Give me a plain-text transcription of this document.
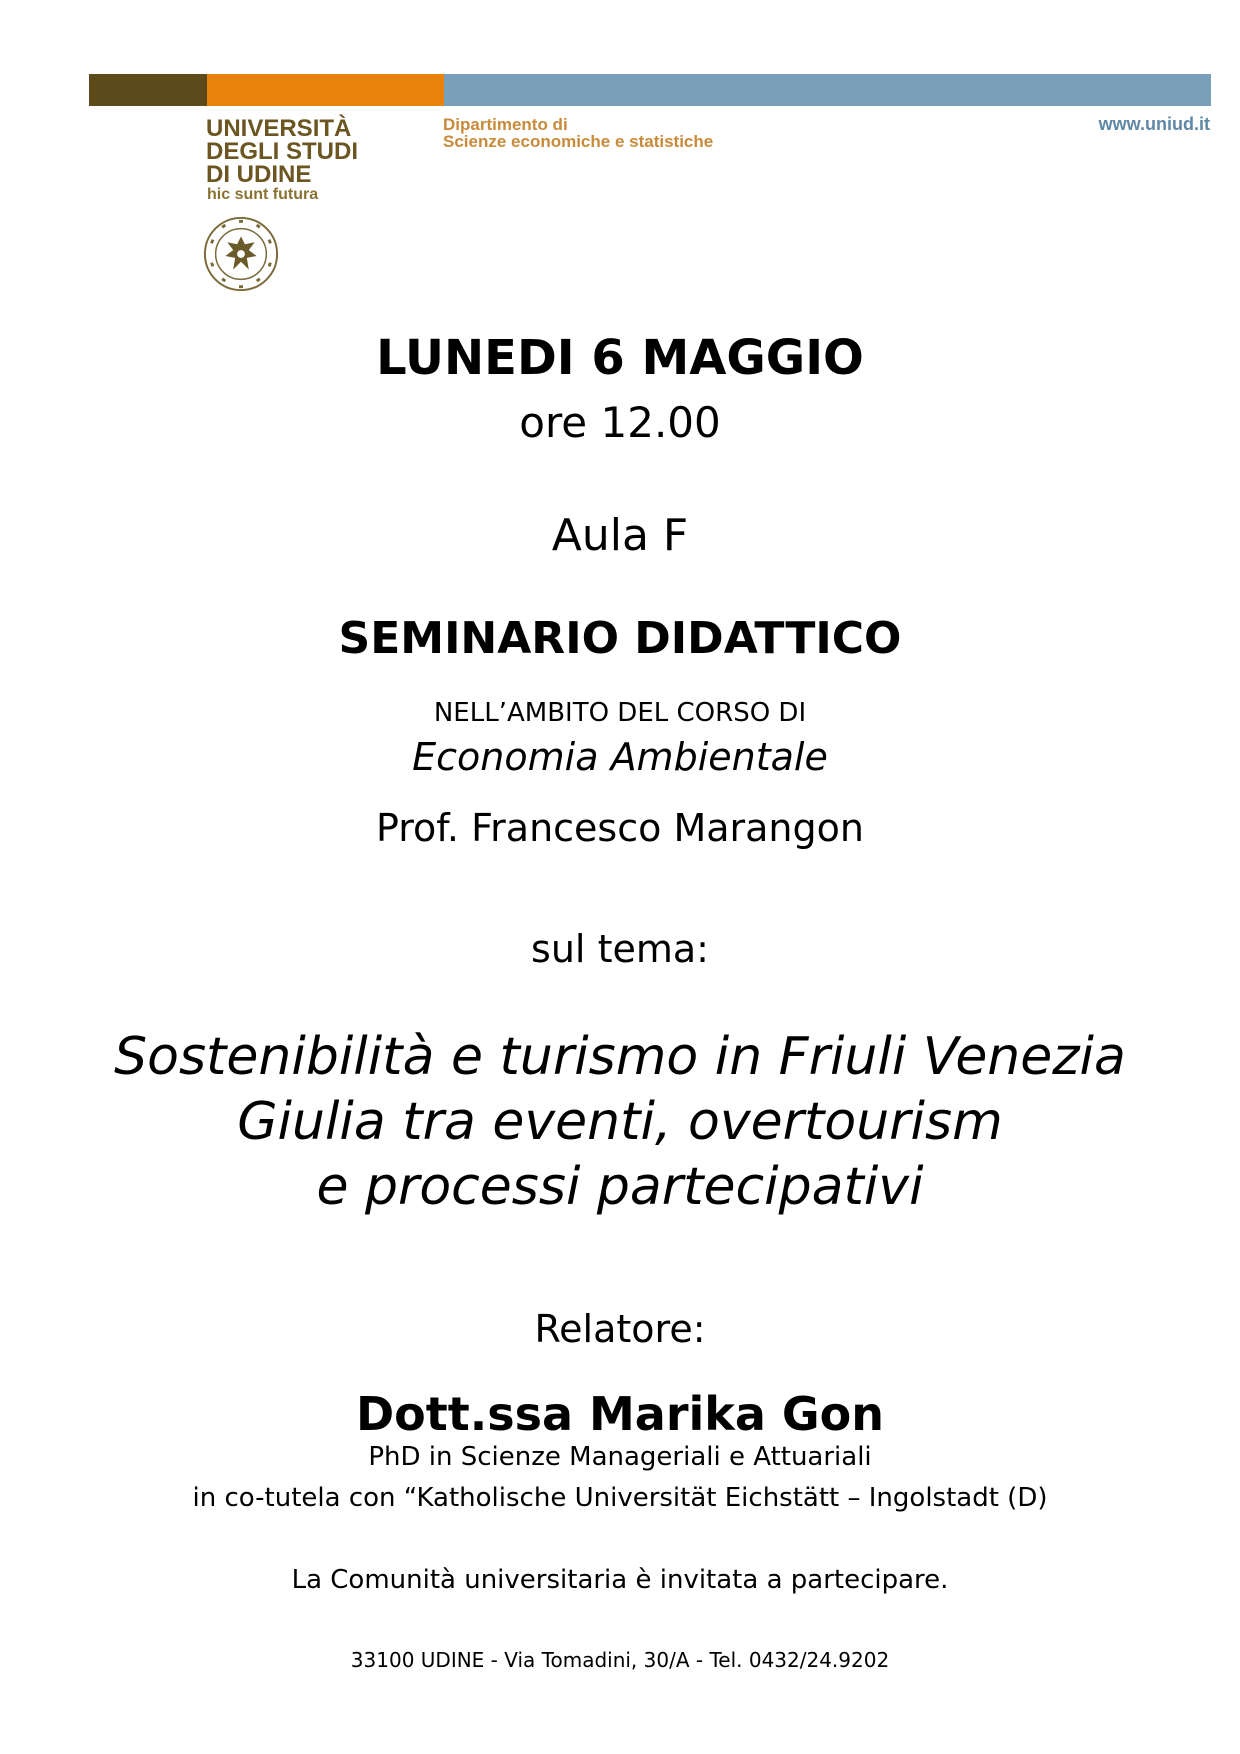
UNIVERSITÀ
DEGLI STUDI
DI UDINE
hic sunt futura
Dipartimento di
Scienze economiche e statistiche
www.uniud.it
LUNEDI 6 MAGGIO
ore 12.00
Aula F
SEMINARIO DIDATTICO
NELL’AMBITO DEL CORSO DI
Economia Ambientale
Prof. Francesco Marangon
sul tema:
Sostenibilità e turismo in Friuli Venezia
Giulia tra eventi, overtourism
e processi partecipativi
Relatore:
Dott.ssa Marika Gon
PhD in Scienze Manageriali e Attuariali
in co-tutela con “Katholische Universität Eichstätt – Ingolstadt (D)
La Comunità universitaria è invitata a partecipare.
33100 UDINE - Via Tomadini, 30/A - Tel. 0432/24.9202
